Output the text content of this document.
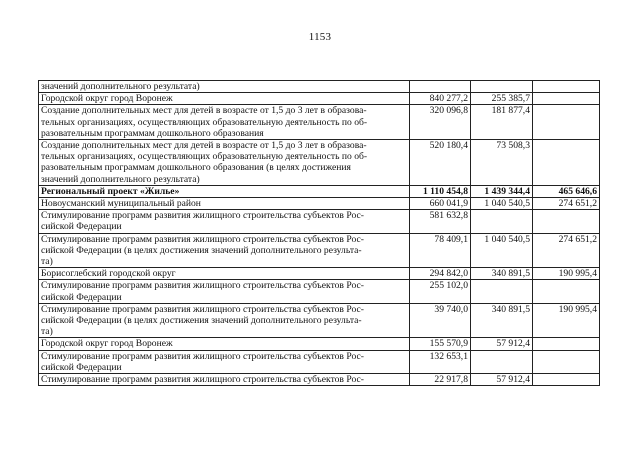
1153
значений дополнительного результата)			

Городской округ город Воронеж	840 277,2	255 385,7	

Создание дополнительных мест для детей в возрасте от 1,5 до 3 лет в образова-
тельных организациях, осуществляющих образовательную деятельность по об-
разовательным программам дошкольного образования	320 096,8	181 877,4	

Создание дополнительных мест для детей в возрасте от 1,5 до 3 лет в образова-
тельных организациях, осуществляющих образовательную деятельность по об-
разовательным программам дошкольного образования (в целях достижения
значений дополнительного результата)	520 180,4	73 508,3	

Региональный проект «Жилье»	1 110 454,8	1 439 344,4	465 646,6

Новоусманский муниципальный район	660 041,9	1 040 540,5	274 651,2

Стимулирование программ развития жилищного строительства субъектов Рос-
сийской Федерации	581 632,8		

Стимулирование программ развития жилищного строительства субъектов Рос-
сийской Федерации (в целях достижения значений дополнительного результа-
та)	78 409,1	1 040 540,5	274 651,2

Борисоглебский городской округ	294 842,0	340 891,5	190 995,4

Стимулирование программ развития жилищного строительства субъектов Рос-
сийской Федерации	255 102,0		

Стимулирование программ развития жилищного строительства субъектов Рос-
сийской Федерации (в целях достижения значений дополнительного результа-
та)	39 740,0	340 891,5	190 995,4

Городской округ город Воронеж	155 570,9	57 912,4	

Стимулирование программ развития жилищного строительства субъектов Рос-
сийской Федерации	132 653,1		

Стимулирование программ развития жилищного строительства субъектов Рос-	22 917,8	57 912,4	
